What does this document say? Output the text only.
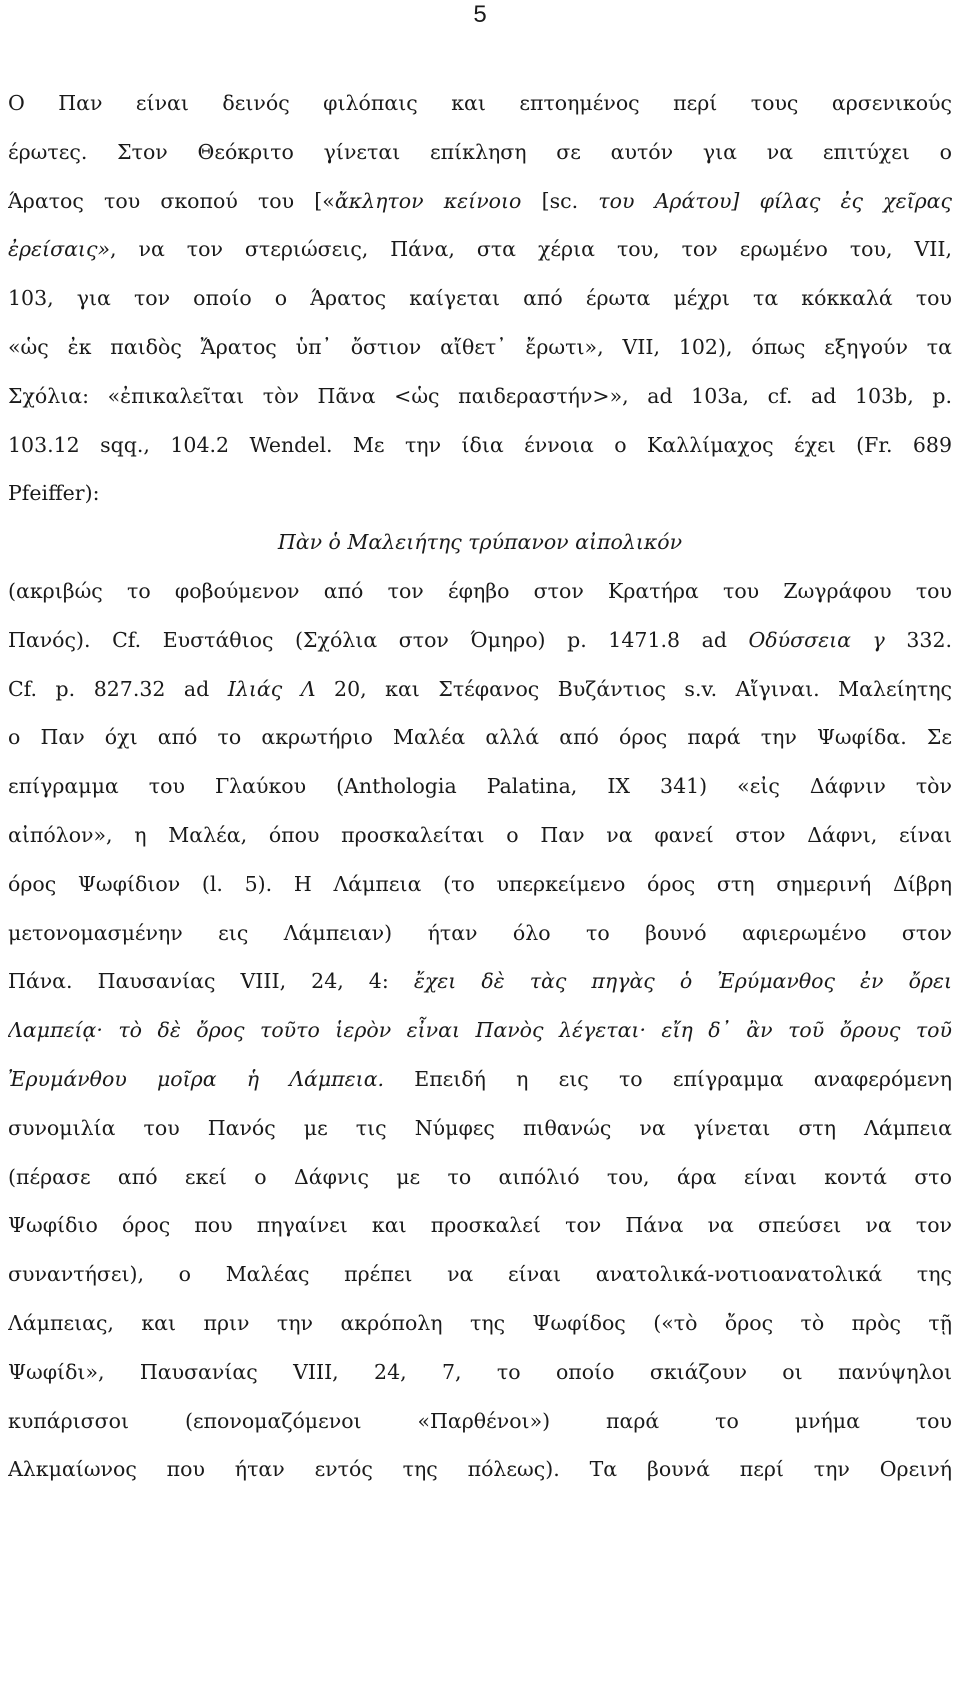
5
Ο Παν είναι δεινός φιλόπαις και επτοημένος περί τους αρσενικούς
έρωτες. Στον Θεόκριτο γίνεται επίκληση σε αυτόν για να επιτύχει ο
Άρατος του σκοπού του [«ἄκλητον κείνοιο [sc. του Αράτου] φίλας ἐς χεῖρας
ἐρείσαις», να τον στεριώσεις, Πάνα, στα χέρια του, τον ερωμένο του, VII,
103, για τον οποίο ο Άρατος καίγεται από έρωτα μέχρι τα κόκκαλά του
«ὡς ἐκ παιδὸς Ἄρατος ὑπ᾽ ὄστιον αἴθετ᾽ ἔρωτι», VII, 102), όπως εξηγούν τα
Σχόλια: «ἐπικαλεῖται τὸν Πᾶνα <ὡς παιδεραστήν>», ad 103a, cf. ad 103b, p.
103.12 sqq., 104.2 Wendel. Με την ίδια έννοια ο Καλλίμαχος έχει (Fr. 689
Pfeiffer):
Πὰν ὁ Μαλειήτης τρύπανον αἰπολικόν
(ακριβώς το φοβούμενον από τον έφηβο στον Κρατήρα του Ζωγράφου του
Πανός). Cf. Ευστάθιος (Σχόλια στον Όμηρο) p. 1471.8 ad Οδύσσεια γ 332.
Cf. p. 827.32 ad Ιλιάς Λ 20, και Στέφανος Βυζάντιος s.v. Αἴγιναι. Μαλείητης
ο Παν όχι από το ακρωτήριο Μαλέα αλλά από όρος παρά την Ψωφίδα. Σε
επίγραμμα του Γλαύκου (Anthologia Palatina, IX 341) «εἰς Δάφνιν τὸν
αἰπόλον», η Μαλέα, όπου προσκαλείται ο Παν να φανεί στον Δάφνι, είναι
όρος Ψωφίδιον (l. 5). Η Λάμπεια (το υπερκείμενο όρος στη σημερινή Δίβρη
μετονομασμένην εις Λάμπειαν) ήταν όλο το βουνό αφιερωμένο στον
Πάνα. Παυσανίας VIII, 24, 4: ἔχει δὲ τὰς πηγὰς ὁ Ἐρύμανθος ἐν ὄρει
Λαμπείᾳ· τὸ δὲ ὄρος τοῦτο ἱερὸν εἶναι Πανὸς λέγεται· εἴη δ᾽ ἂν τοῦ ὄρους τοῦ
Ἐρυμάνθου μοῖρα ἡ Λάμπεια. Επειδή η εις το επίγραμμα αναφερόμενη
συνομιλία του Πανός με τις Νύμφες πιθανώς να γίνεται στη Λάμπεια
(πέρασε από εκεί ο Δάφνις με το αιπόλιό του, άρα είναι κοντά στο
Ψωφίδιο όρος που πηγαίνει και προσκαλεί τον Πάνα να σπεύσει να τον
συναντήσει), ο Μαλέας πρέπει να είναι ανατολικά-νοτιοανατολικά της
Λάμπειας, και πριν την ακρόπολη της Ψωφίδος («τὸ ὄρος τὸ πρὸς τῇ
Ψωφίδι», Παυσανίας VIII, 24, 7, το οποίο σκιάζουν οι πανύψηλοι
κυπάρισσοι (επονομαζόμενοι «Παρθένοι») παρά το μνήμα του
Αλκμαίωνος που ήταν εντός της πόλεως). Τα βουνά περί την Ορεινή
